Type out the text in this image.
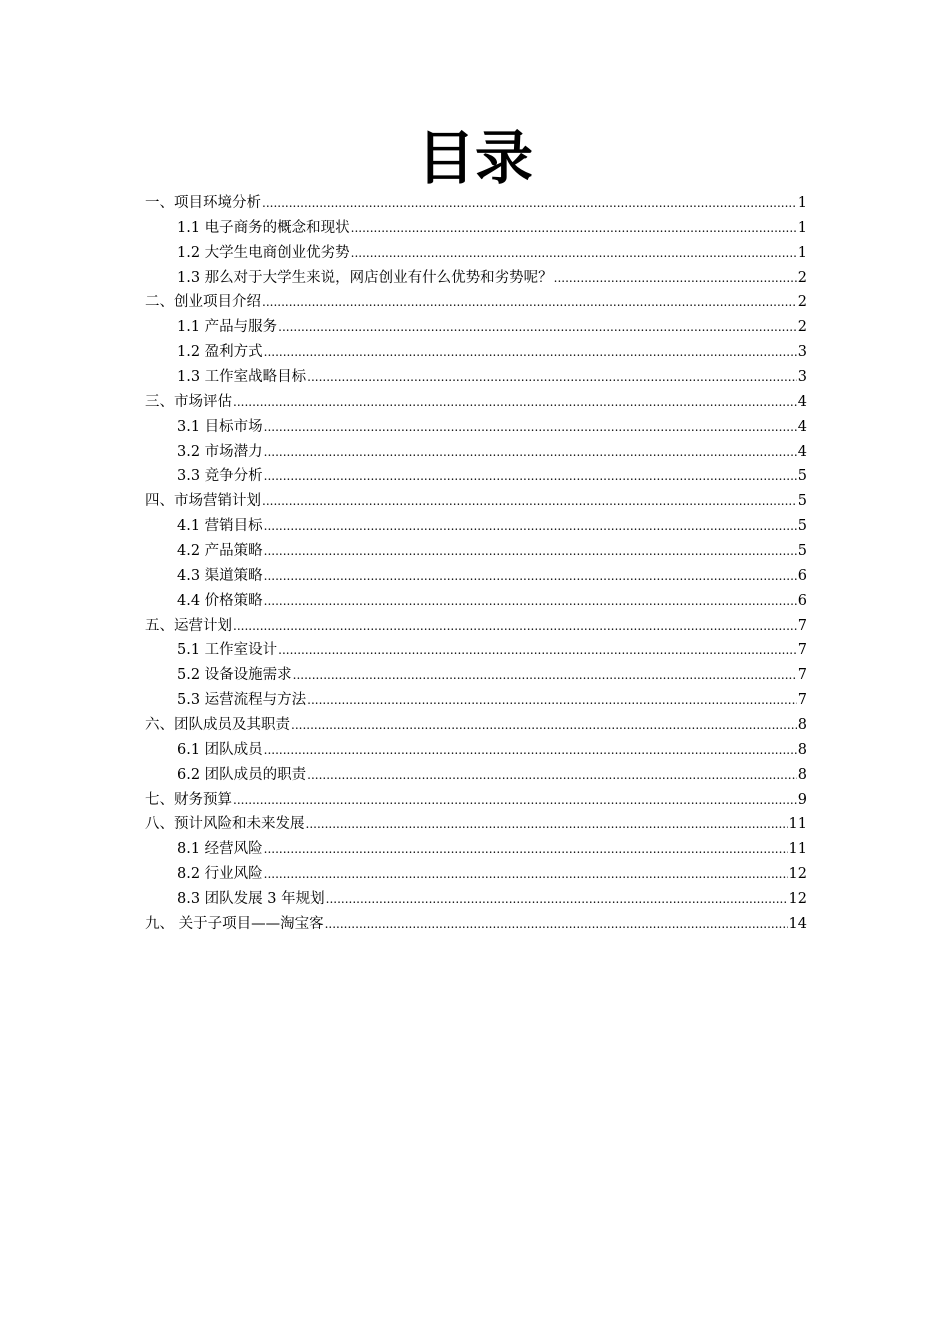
目录
一、项目环境分析 .....	1
1.1 电子商务的概念和现状 .....	1
1.2 大学生电商创业优劣势 .....	1
1.3 那么对于大学生来说，网店创业有什么优势和劣势呢？ .....	2
二、创业项目介绍 .....	2
1.1 产品与服务 .....	2
1.2 盈利方式 .....	3
1.3 工作室战略目标 .....	3
三、市场评估 .....	4
3.1 目标市场 .....	4
3.2 市场潜力 .....	4
3.3 竞争分析 .....	5
四、市场营销计划 .....	5
4.1 营销目标 .....	5
4.2 产品策略 .....	5
4.3 渠道策略 .....	6
4.4 价格策略 .....	6
五、运营计划 .....	7
5.1 工作室设计 .....	7
5.2 设备设施需求 .....	7
5.3 运营流程与方法 .....	7
六、团队成员及其职责 .....	8
6.1 团队成员 .....	8
6.2 团队成员的职责 .....	8
七、财务预算 .....	9
八、预计风险和未来发展 .....	11
8.1 经营风险 .....	11
8.2 行业风险 .....	12
8.3 团队发展 3 年规划 .....	12
九、 关于子项目——淘宝客 .....	14
